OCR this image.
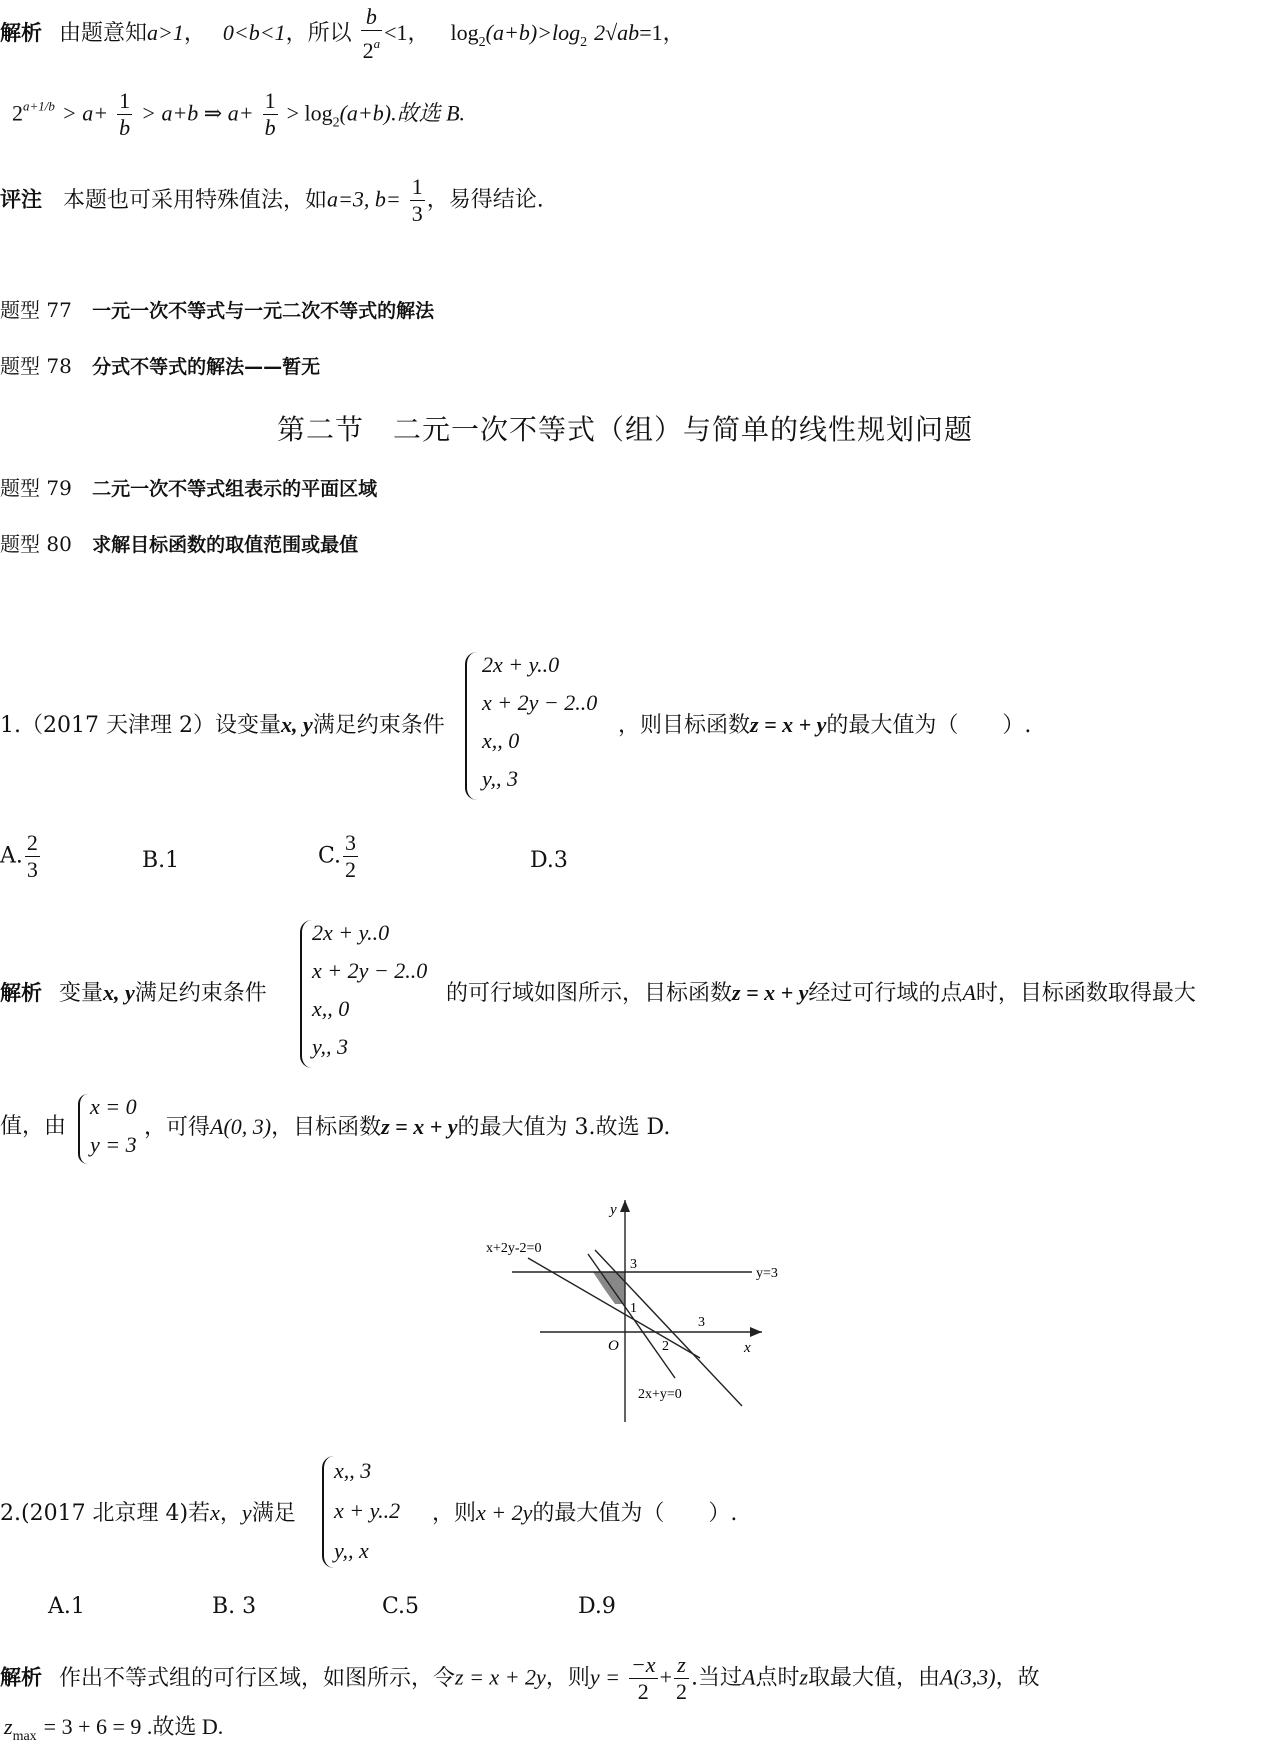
解析 由题意知a>1， 0<b<1，所以 $\frac{b}{2^a} <1$， $\log_2(a+b)>\log_2$ 2√ab=1，
$2^{a+1/b} > a+ \frac{1}{b} > a+b$ ⇒ $a+ \frac{1}{b} > \log_2(a+b)$.故选 B.
评注 本题也可采用特殊值法，如a=3, $b= \frac{1}{3}$ ，易得结论.
题型 77 一元一次不等式与一元二次不等式的解法
题型 78 分式不等式的解法——暂无
第二节　二元一次不等式（组）与简单的线性规划问题
题型 79 二元一次不等式组表示的平面区域
题型 80 求解目标函数的取值范围或最值
1.（2017 天津理 2）设变量x, y满足约束条件
2x + y..0
x + 2y − 2..0
x,, 0
y,, 3
，则目标函数z = x + y的最大值为（　　）.
A. $\frac{2}{3}$	B.1	C. $\frac{3}{2}$	D.3
解析 变量x, y满足约束条件
2x + y..0
x + 2y − 2..0
x,, 0
y,, 3
的可行域如图所示，目标函数z = x + y经过可行域的点A时，目标函数取得最大
值，由
x = 0
y = 3
，可得A(0, 3)，目标函数z = x + y的最大值为 3.故选 D.
x+2y-2=0
y=3
2x+y=0
x
y
O
3
1
3
2
2.(2017 北京理 4)若x，y满足
x,, 3
x + y..2
y,, x
，则x + 2y的最大值为（　　）.
A.1	B. 3	C.5	D.9
解析 作出不等式组的可行区域，如图所示，令z = x + 2y，则$y = \frac{-x}{2} + \frac{z}{2}$ .当过A点时z取最大值，由A(3,3)，故
$z_{max} = 3 + 6 = 9$ .故选 D.
